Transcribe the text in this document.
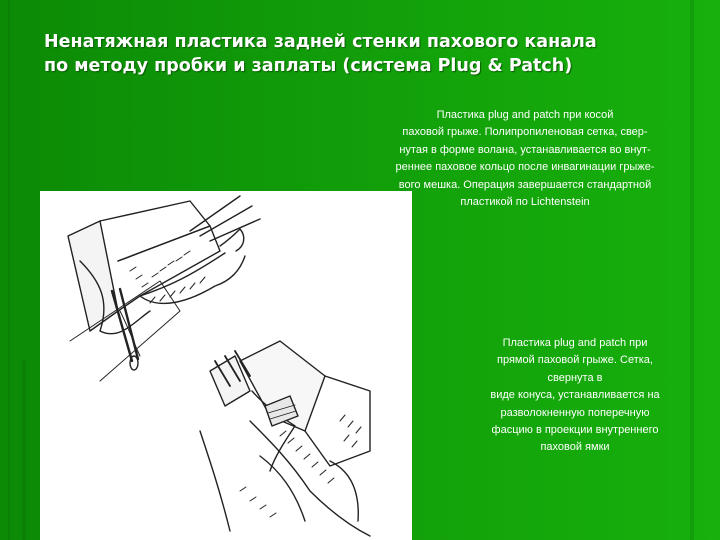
Ненатяжная пластика задней стенки пахового канала
по методу пробки и заплаты (система Plug & Patch)
Пластика plug and patch при косой
паховой грыже. Полипропиленовая сетка, свер-
нутая в форме волана, устанавливается во внут-
реннее паховое кольцо после инвагинации грыже-
вого мешка. Операция завершается стандартной
пластикой по Lichtenstein
Пластика plug and patch при
прямой паховой грыже. Сетка,
свернута в
виде конуса, устанавливается на
разволокненную поперечную
фасцию в проекции внутреннего
паховой ямки
